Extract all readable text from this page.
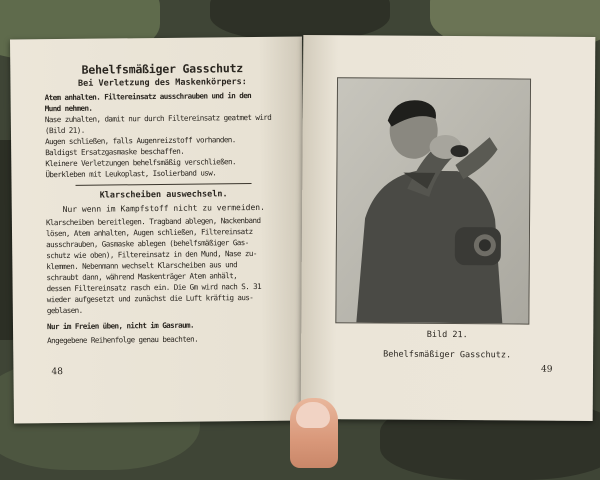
Behelfsmäßiger Gasschutz

Bei Verletzung des Maskenkörpers:

Atem anhalten. Filtereinsatz ausschrauben und in den

Mund nehmen.

Nase zuhalten, damit nur durch Filtereinsatz geatmet wird

(Bild 21).

Augen schließen, falls Augenreizstoff vorhanden.

Baldigst Ersatzgasmaske beschaffen.

Kleinere Verletzungen behelfsmäßig verschließen.

Überkleben mit Leukoplast, Isolierband usw.

Klarscheiben auswechseln.

Nur wenn im Kampfstoff nicht zu vermeiden.

Klarscheiben bereitlegen. Tragband ablegen, Nackenband

lösen, Atem anhalten, Augen schließen, Filtereinsatz

ausschrauben, Gasmaske ablegen (behelfsmäßiger Gas-

schutz wie oben), Filtereinsatz in den Mund, Nase zu-

klemmen. Nebenmann wechselt Klarscheiben aus und

schraubt dann, während Maskenträger Atem anhält,

dessen Filtereinsatz rasch ein. Die Gm wird nach S. 31

wieder aufgesetzt und zunächst die Luft kräftig aus-

geblasen.

Nur im Freien üben, nicht im Gasraum.

Angegebene Reihenfolge genau beachten.

48
Bild 21.
Behelfsmäßiger Gasschutz.
49
